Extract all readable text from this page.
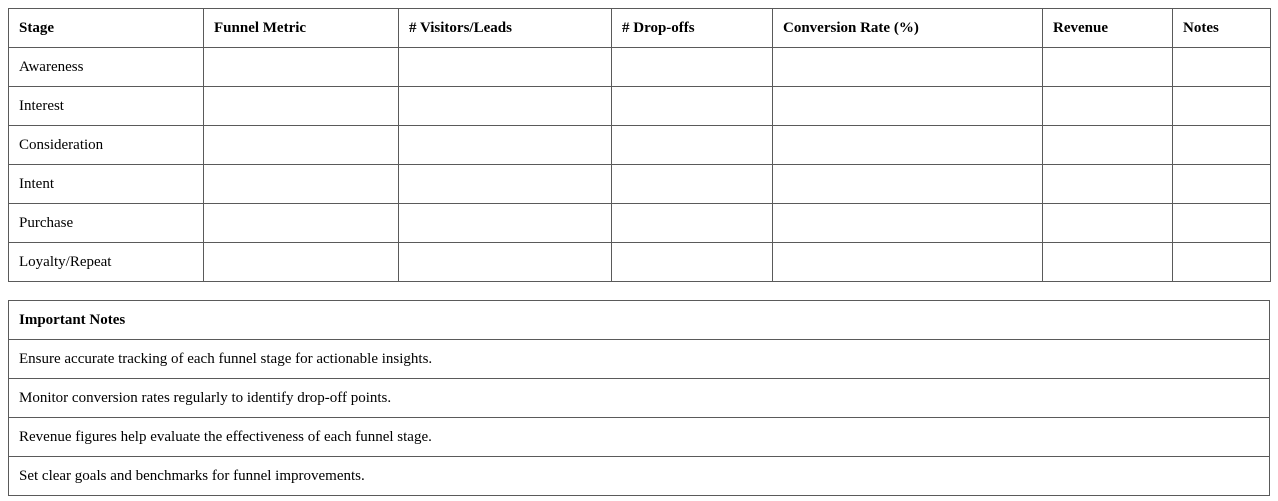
Stage	Funnel Metric	# Visitors/Leads	# Drop-offs	Conversion Rate (%)	Revenue	Notes
Awareness						
Interest						
Consideration						
Intent						
Purchase						
Loyalty/Repeat						
Important Notes
Ensure accurate tracking of each funnel stage for actionable insights.
Monitor conversion rates regularly to identify drop-off points.
Revenue figures help evaluate the effectiveness of each funnel stage.
Set clear goals and benchmarks for funnel improvements.
